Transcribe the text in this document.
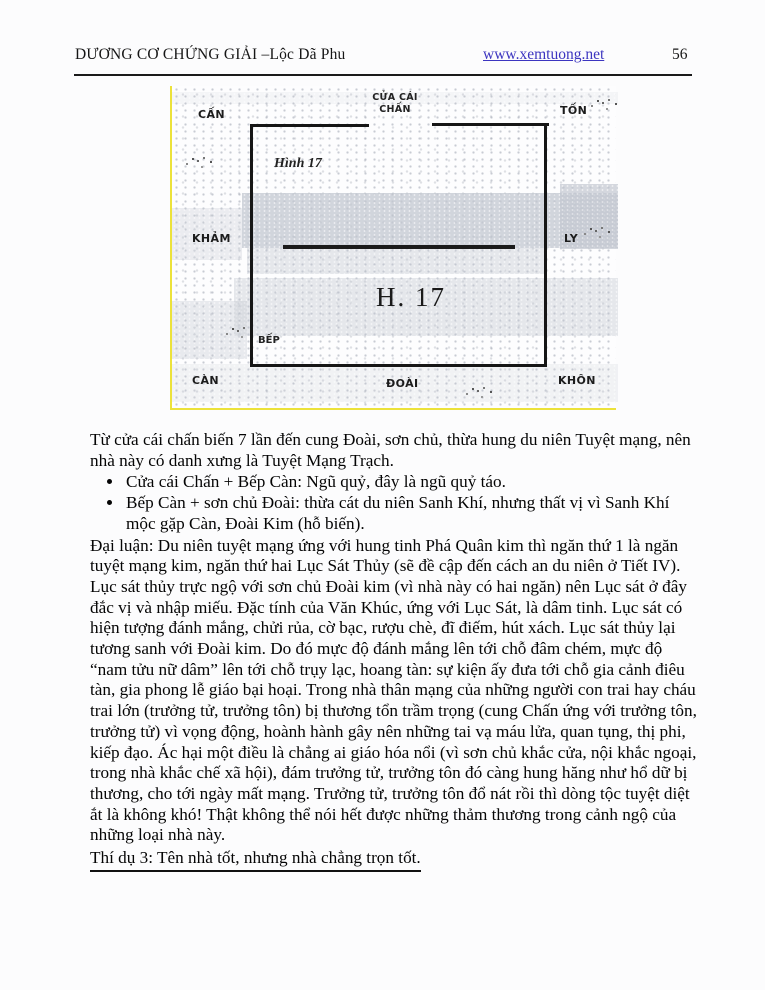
DƯƠNG CƠ CHỨNG GIẢI –Lộc Dã Phu	www.xemtuong.net	56
CẤN
CỬA CÁI
CHẤN	TỐN
KHẢM	LY
CÀN	ĐOÀI	KHÔN
Hình 17
H. 17
BẾP

Từ cửa cái chấn biến 7 lần đến cung Đoài, sơn chủ, thừa hung du niên Tuyệt mạng, nên nhà này có danh xưng là Tuyệt Mạng Trạch.

• Cửa cái Chấn + Bếp Càn: Ngũ quỷ, đây là ngũ quỷ táo.
• Bếp Càn + sơn chủ Đoài: thừa cát du niên Sanh Khí, nhưng thất vị vì Sanh Khí mộc gặp Càn, Đoài Kim (hỗ biến).

Đại luận: Du niên tuyệt mạng ứng với hung tinh Phá Quân kim thì ngăn thứ 1 là ngăn tuyệt mạng kim, ngăn thứ hai Lục Sát Thủy (sẽ đề cập đến cách an du niên ở Tiết IV). Lục sát thủy trực ngộ với sơn chủ Đoài kim (vì nhà này có hai ngăn) nên Lục sát ở đây đắc vị và nhập miếu. Đặc tính của Văn Khúc, ứng với Lục Sát, là dâm tinh. Lục sát có hiện tượng đánh mắng, chửi rủa, cờ bạc, rượu chè, đĩ điếm, hút xách. Lục sát thủy lại tương sanh với Đoài kim. Do đó mực độ đánh mắng lên tới chỗ đâm chém, mực độ “nam tửu nữ dâm” lên tới chỗ trụy lạc, hoang tàn: sự kiện ấy đưa tới chỗ gia cảnh điêu tàn, gia phong lễ giáo bại hoại. Trong nhà thân mạng của những người con trai hay cháu trai lớn (trưởng tử, trưởng tôn) bị thương tổn trầm trọng (cung Chấn ứng với trưởng tôn, trưởng tử) vì vọng động, hoành hành gây nên những tai vạ máu lửa, quan tụng, thị phi, kiếp đạo. Ác hại một điều là chẳng ai giáo hóa nổi (vì sơn chủ khắc cửa, nội khắc ngoại, trong nhà khắc chế xã hội), đám trưởng tử, trưởng tôn đó càng hung hăng như hổ dữ bị thương, cho tới ngày mất mạng. Trưởng tử, trưởng tôn đổ nát rồi thì dòng tộc tuyệt diệt ắt là không khó! Thật không thể nói hết được những thảm thương trong cảnh ngộ của những loại nhà này.

Thí dụ 3: Tên nhà tốt, nhưng nhà chẳng trọn tốt.
